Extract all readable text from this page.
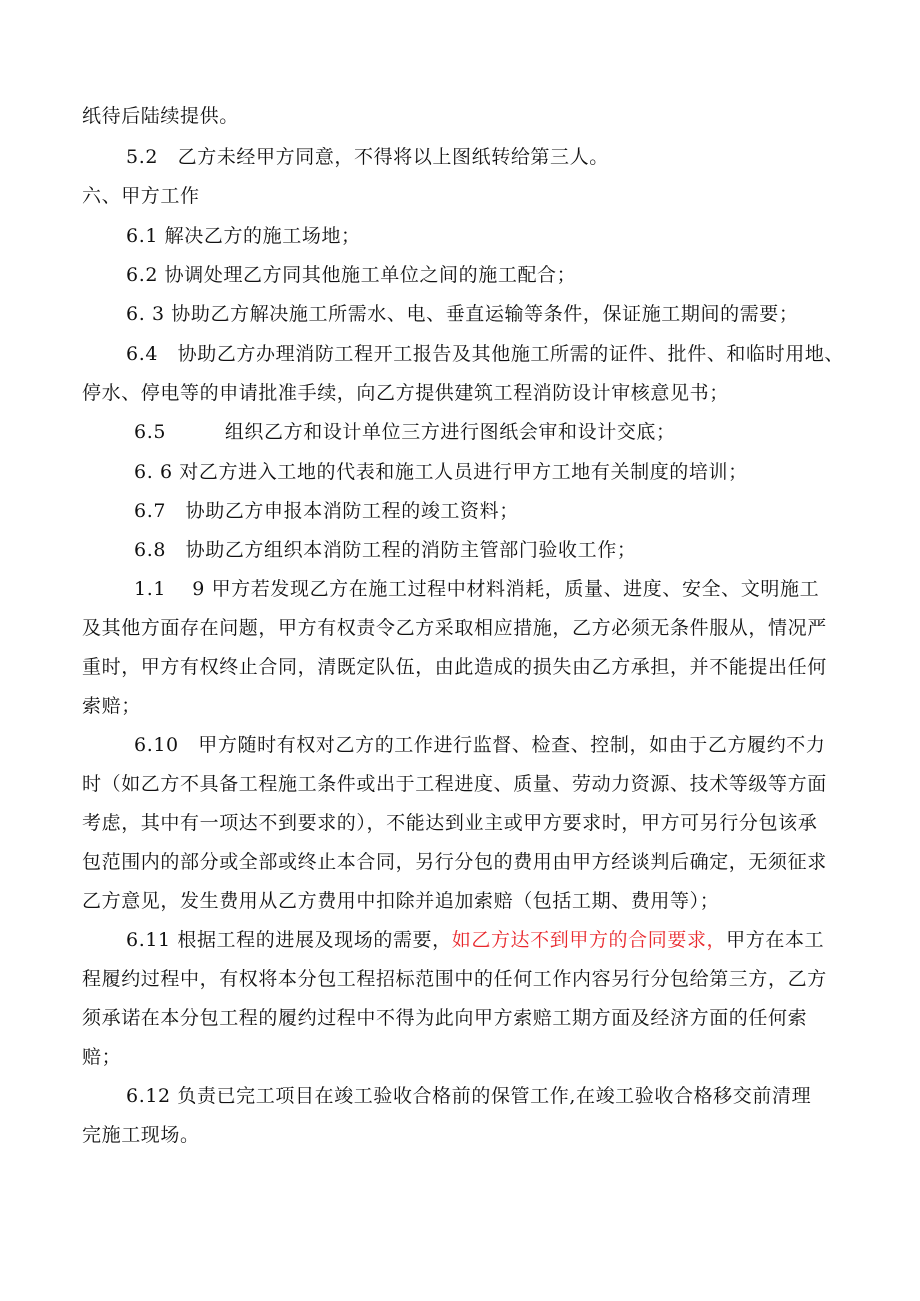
纸待后陆续提供。
5.2　乙方未经甲方同意，不得将以上图纸转给第三人。
六、甲方工作
6.1 解决乙方的施工场地；
6.2 协调处理乙方同其他施工单位之间的施工配合；
6. 3 协助乙方解决施工所需水、电、垂直运输等条件，保证施工期间的需要；
6.4　协助乙方办理消防工程开工报告及其他施工所需的证件、批件、和临时用地、
停水、停电等的申请批准手续，向乙方提供建筑工程消防设计审核意见书；
6.5　　　组织乙方和设计单位三方进行图纸会审和设计交底；
6. 6 对乙方进入工地的代表和施工人员进行甲方工地有关制度的培训；
6.7　协助乙方申报本消防工程的竣工资料；
6.8　协助乙方组织本消防工程的消防主管部门验收工作；
1.1　 9 甲方若发现乙方在施工过程中材料消耗，质量、进度、安全、文明施工
及其他方面存在问题，甲方有权责令乙方采取相应措施，乙方必须无条件服从，情况严
重时，甲方有权终止合同，清既定队伍，由此造成的损失由乙方承担，并不能提出任何
索赔；
6.10　甲方随时有权对乙方的工作进行监督、检查、控制，如由于乙方履约不力
时（如乙方不具备工程施工条件或出于工程进度、质量、劳动力资源、技术等级等方面
考虑，其中有一项达不到要求的），不能达到业主或甲方要求时，甲方可另行分包该承
包范围内的部分或全部或终止本合同，另行分包的费用由甲方经谈判后确定，无须征求
乙方意见，发生费用从乙方费用中扣除并追加索赔（包括工期、费用等）；
6.11 根据工程的进展及现场的需要，如乙方达不到甲方的合同要求，甲方在本工
程履约过程中，有权将本分包工程招标范围中的任何工作内容另行分包给第三方，乙方
须承诺在本分包工程的履约过程中不得为此向甲方索赔工期方面及经济方面的任何索
赔；
6.12 负责已完工项目在竣工验收合格前的保管工作,在竣工验收合格移交前清理
完施工现场。
